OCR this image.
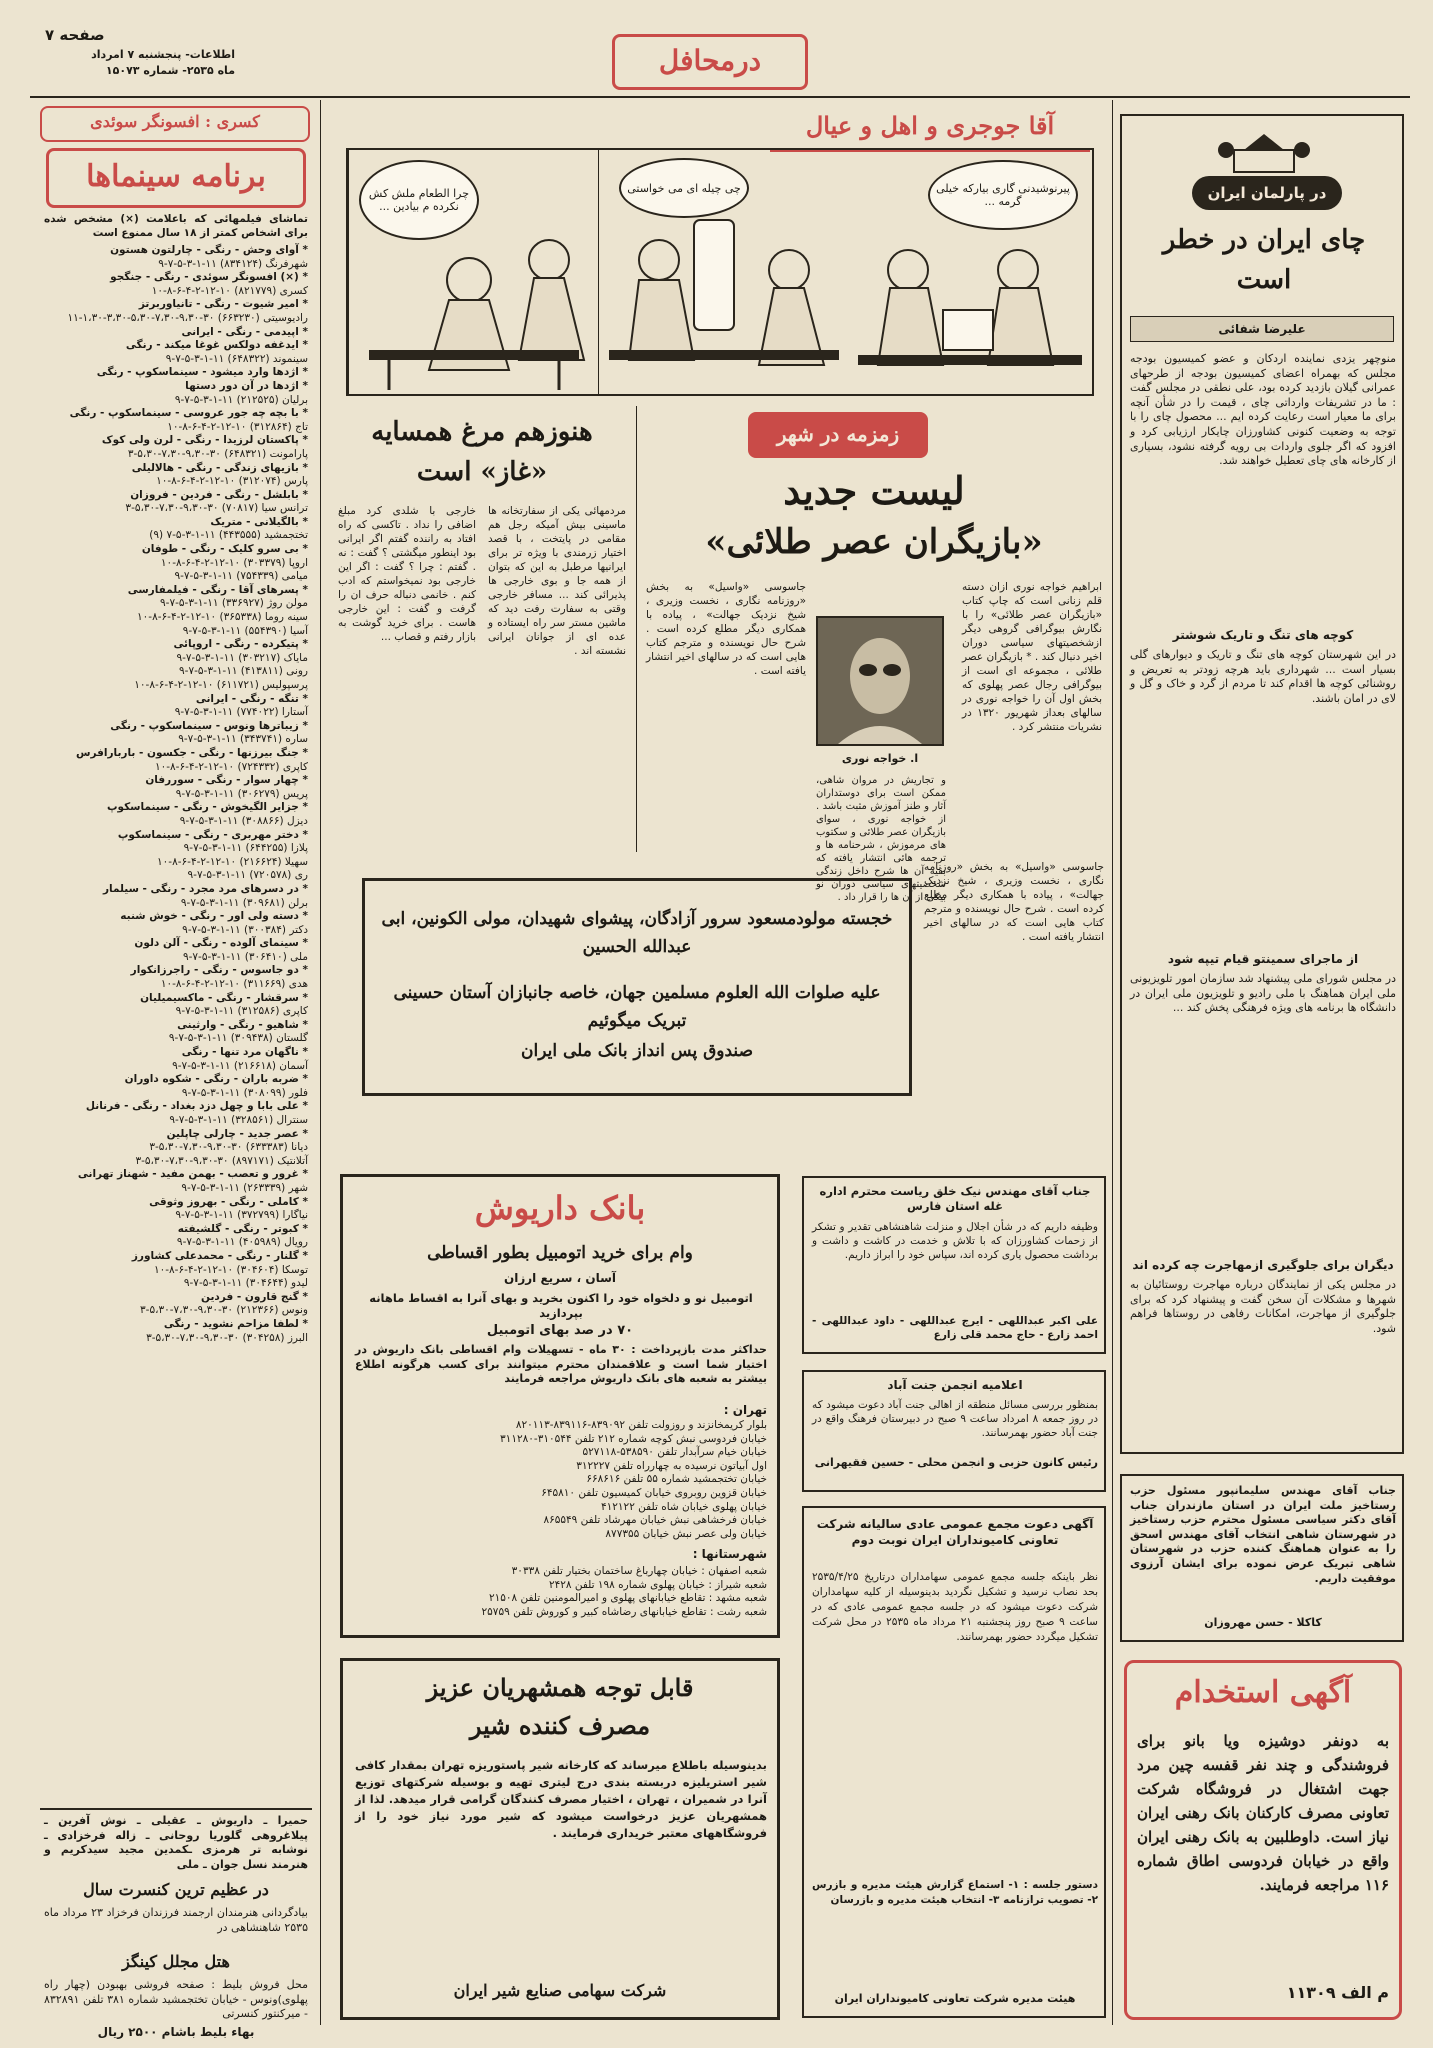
صفحه ۷
اطلاعات- پنجشنبه ۷ امرداد
ماه ۲۵۳۵- شماره ۱۵۰۷۳	درمحافل
کسری : افسونگر سوئدی
برنامه سینماها
تماشای فیلمهائی که باعلامت (×) مشخص شده برای اشخاص کمتر از ۱۸ سال ممنوع است
* آوای وحش - رنگی - چارلتون هستون
شهرفرنگ (۸۳۴۱۲۴) ۱۱-۱-۳-۵-۷-۹
* (×) افسونگر سوئدی - رنگی - جنگجو
کسری (۸۲۱۷۷۹) ۱۰-۱۲-۲-۴-۶-۸-۱۰
* امیر شیوت - رنگی - تانیاوربرتز
رادیوسیتی (۶۶۳۲۳۰) ۳۰-۹،۳۰-۷،۳۰-۵،۳۰-۳،۳۰-۱،۳۰-۱۱
* اپیدمی - رنگی - ایرانی
* ایدغفه دولکس غوغا میکند - رنگی
سینموند (۶۴۸۳۲۲) ۱۱-۱-۳-۵-۷-۹
* اژدها وارد میشود - سینماسکوپ - رنگی
* اژدها در آن دور دستها
برلیان (۲۱۲۵۲۵) ۱۱-۱-۳-۵-۷-۹
* با بچه چه جور عروسی - سینماسکوپ - رنگی
تاج (۳۱۲۸۶۴) ۱۰-۱۲-۲-۴-۶-۸-۱۰
* پاکستان لرزیدا - رنگی - لرن ولی کوک
پارامونت (۶۴۸۳۲۱) ۳۰-۹،۳۰-۷،۳۰-۵،۳۰-۳
* بازیهای زندگی - رنگی - هالالیلی
پارس (۳۱۲۰۷۴) ۱۰-۱۲-۲-۴-۶-۸-۱۰
* بابلشل - رنگی - فردین - فروزان
ترانس سیا (۷۰۸۱۷) ۳۰-۹،۳۰-۷،۳۰-۵،۳۰-۳
* بالگیلانی - متریک
تختجمشید (۴۴۳۵۵۵) ۱۱-۱-۳-۵-۷ (۹)
* بی سرو کلیک - رنگی - طوفان
اروپا (۳۰۳۳۷۹) ۱۰-۱۲-۲-۴-۶-۸-۱۰
میامی (۷۵۴۳۳۹) ۱۱-۱-۳-۵-۷-۹
* پسرهای آقا - رنگی - فیلمفارسی
مولن روژ (۳۳۶۹۲۷) ۱۱-۱-۳-۵-۷-۹
سینه روما (۳۶۵۳۳۸) ۱۰-۱۲-۲-۴-۶-۸-۱۰
آسیا (۵۵۴۳۹۰) ۱۱-۱-۳-۵-۷-۹
* پتیکرده - رنگی - اروپائی
مایاک (۳۰۳۲۱۷) ۱۱-۱-۳-۵-۷-۹
رونی (۴۱۳۸۱۱) ۱۱-۱-۳-۵-۷-۹
پرسپولیس (۶۱۱۷۲۱) ۱۰-۱۲-۲-۴-۶-۸-۱۰
* تنگه - رنگی - ایرانی
آستارا (۷۷۴۰۲۲) ۱۱-۱-۳-۵-۷-۹
* زیباترها ونوس - سینماسکوپ - رنگی
ساره (۳۴۳۷۴۱) ۱۱-۱-۳-۵-۷-۹
* جنگ بیرزنها - رنگی - جکسون - باربارافرس
کاپری (۷۲۴۳۳۲) ۱۰-۱۲-۲-۴-۶-۸-۱۰
* چهار سوار - رنگی - سوررفان
پریس (۳۰۶۲۷۹) ۱۱-۱-۳-۵-۷-۹
* جزایر الگیخوش - رنگی - سینماسکوپ
دیزل (۳۰۸۸۶۶) ۱۱-۱-۳-۵-۷-۹
* دختر مهربری - رنگی - سینماسکوپ
پلازا (۶۴۴۲۵۵) ۱۱-۱-۳-۵-۷-۹
سهیلا (۲۱۶۶۲۴) ۱۰-۱۲-۲-۴-۶-۸-۱۰
ری (۷۲۰۵۷۸) ۱۱-۱-۳-۵-۷-۹
* در دسرهای مرد مجرد - رنگی - سیلمار
برلن (۳۰۹۶۸۱) ۱۱-۱-۳-۵-۷-۹
* دسته ولی اور - رنگی - خوش شنبه
دکتر (۳۰۰۳۸۴) ۱۱-۱-۳-۵-۷-۹
* سینمای آلوده - رنگی - آلن دلون
ملی (۳۰۶۴۱۰) ۱۱-۱-۳-۵-۷-۹
* دو جاسوس - رنگی - راجرزانکوار
هدی (۳۱۱۶۶۹) ۱۰-۱۲-۲-۴-۶-۸-۱۰
* سرقشار - رنگی - ماکسیمیلیان
کاپری (۳۱۲۵۸۶) ۱۱-۱-۳-۵-۷-۹
* شاهیو - رنگی - وارثینی
گلستان (۳۰۹۴۳۸) ۱۱-۱-۳-۵-۷-۹
* ناگهان مرد تنها - رنگی
آسمان (۲۱۶۶۱۸) ۱۱-۱-۳-۵-۷-۹
* ضربه باران - رنگی - شکوه داوران
فلور (۳۰۸۰۹۹) ۱۱-۱-۳-۵-۷-۹
* علی بابا و چهل دزد بغداد - رنگی - فرنانل
سنترال (۳۲۸۵۶۱) ۱۱-۱-۳-۵-۷-۹
* عصر جدید - چارلی چاپلین
دیانا (۶۳۳۳۸۳) ۳۰-۹،۳۰-۷،۳۰-۵،۳۰-۳
آتلانتیک (۸۹۷۱۷۱) ۳۰-۹،۳۰-۷،۳۰-۵،۳۰-۳
* غرور و تعصب - بهمن مفید - شهناز تهرانی
شهر (۲۶۳۳۳۹) ۱۱-۱-۳-۵-۷-۹
* کاملی - رنگی - بهروز وثوقی
نیاگارا (۳۷۲۷۹۹) ۱۱-۱-۳-۵-۷-۹
* کبوتر - رنگی - گلشیفته
رویال (۴۰۵۹۸۹) ۱۱-۱-۳-۵-۷-۹
* گلنار - رنگی - محمدعلی کشاورز
توسکا (۳۰۴۶۰۴) ۱۰-۱۲-۲-۴-۶-۸-۱۰
لیدو (۳۰۴۶۴۴) ۱۱-۱-۳-۵-۷-۹
* گنج قارون - فردین
ونوس (۲۱۲۳۶۶) ۳۰-۹،۳۰-۷،۳۰-۵،۳۰-۳
* لطفا مزاحم نشوید - رنگی
البرز (۳۰۴۲۵۸) ۳۰-۹،۳۰-۷،۳۰-۵،۳۰-۳
حمیرا ـ داریوش ـ عقیلی ـ نوش آفرین ـ پیلاغروهی گلوریا روحانی ـ زاله فرخزادی ـ نوشابه تر هرمزی ـکمدین مجید سیدکریم و هنرمند نسل جوان ـ ملی
در عظیم ترین کنسرت سال
بیادگردانی هنرمندان ارجمند فرزندان فرخزاد ۲۳ مرداد ماه ۲۵۳۵ شاهنشاهی در
هتل مجلل کینگز
محل فروش بلیط : صفحه فروشی بهبودن (چهار راه پهلوی)ونوس - خیابان تختجمشید شماره ۳۸۱ تلفن ۸۳۲۸۹۱ - میرکنتور کنسرتی
بهاء بلیط باشام ۲۵۰۰ ریال
آقا جوجری و اهل و عیال
چرا الطعام ملش کش نکرده م بیادین ...
چی چیله ای می خواستی	پیرنوشیدنی گاری بیارکه خیلی گرمه ...
هنوزهم مرغ همسایه «غاز» است
مردمهائی یکی از سفارتخانه ها ماسینی بیش آمیکه رجل هم مقامی در پایتخت ، با قصد اختیار زرمندی با ویژه تر برای ایرانیها مرطبل به این که بتوان از همه جا و بوی خارجی ها پذیرائی کند ... مسافر خارجی وقتی به سفارت رفت دید که ماشین مستر سر راه ایستاده و عده ای از جوانان ایرانی نشسته اند .
خارجی با شلدی کرد مبلغ اضافی را نداد . تاکسی که راه افتاد به راننده گفتم اگر ایرانی بود اینطور میگشتی ؟ گفت : نه . گفتم : چرا ؟ گفت : اگر این خارجی بود نمیخواستم که ادب کنم . خانمی دنباله حرف ان را گرفت و گفت : این خارجی هاست . برای خرید گوشت به بازار رفتم و قصاب ...
زمزمه در شهر
لیست جدید
«بازیگران عصر طلائی»
ابراهیم خواجه نوری ازان دسته قلم زنانی است که چاپ کتاب «بازیگران عصر طلائی» را با نگارش بیوگرافی گروهی دیگر ازشخصیتهای سیاسی دوران اخیر دنبال کند . * بازیگران عصر طلائی ، مجموعه ای است از بیوگرافی رجال عصر پهلوی که بخش اول آن را خواجه نوری در سالهای بعداز شهریور ۱۳۲۰ در نشریات منتشر کرد .
ا. خواجه نوری
و تجاریش در مروان شاهی، ممکن است برای دوستداران آثار و طنز آموزش مثبت باشد . از خواجه نوری ، سوای بازیگران عصر طلائی و سکتوب های مرموزش ، شرحنامه ها و ترجمه هائی انتشار یافته که بقیه آن ها شرح داخل زندگی شخصیتهای سیاسی دوران نو بیکی از آن ها را قرار داد .
جاسوسی «واسیل» به بخش «روزنامه نگاری ، نخست وزیری ، شیخ نزدیک جهالت» ، پیاده با همکاری دیگر مطلع کرده است . شرح حال نویسنده و مترجم کتاب هایی است که در سالهای اخیر انتشار یافته است .
خجسته مولودمسعود سرور آزادگان، پیشوای شهیدان، مولی الکونین، ابی عبدالله الحسین
علیه صلوات الله العلوم مسلمین جهان، خاصه جانبازان آستان حسینی تبریک میگوئیم
صندوق پس انداز بانک ملی ایران
جاسوسی «واسیل» به بخش «روزنامه نگاری ، نخست وزیری ، شیخ نزدیک جهالت» ، پیاده با همکاری دیگر مطلع کرده است . شرح حال نویسنده و مترجم کتاب هایی است که در سالهای اخیر انتشار یافته است .
در پارلمان ایران
چای ایران در خطر است
علیرضا شفائی
منوچهر یزدی نماینده اردکان و عضو کمیسیون بودجه مجلس که بهمراه اعضای کمیسیون بودجه از طرحهای عمرانی گیلان بازدید کرده بود، علی نطقی در مجلس گفت : ما در تشریفات وارداتی چای ، قیمت را در شأن آنچه برای ما معیار است رعایت کرده ایم ... محصول چای را با توجه به وضعیت کنونی کشاورزان چایکار ارزیابی کرد و افزود که اگر جلوی واردات بی رویه گرفته نشود، بسیاری از کارخانه های چای تعطیل خواهند شد.
کوچه های تنگ و تاریک شوشتر
در این شهرستان کوچه های تنگ و تاریک و دیوارهای گلی بسیار است ... شهرداری باید هرچه زودتر به تعریض و روشنائی کوچه ها اقدام کند تا مردم از گرد و خاک و گل و لای در امان باشند.
از ماجرای سمینتو قیام تیپه شود
در مجلس شورای ملی پیشنهاد شد سازمان امور تلویزیونی ملی ایران هماهنگ با ملی رادیو و تلویزیون ملی ایران در دانشگاه ها برنامه های ویژه فرهنگی پخش کند ...
دیگران برای جلوگیری ازمهاجرت چه کرده اند
در مجلس یکی از نمایندگان درباره مهاجرت روستائیان به شهرها و مشکلات آن سخن گفت و پیشنهاد کرد که برای جلوگیری از مهاجرت، امکانات رفاهی در روستاها فراهم شود.
جناب آقای مهندس سلیمانپور مسئول حزب رستاخیز ملت ایران در استان مازندران جناب آقای دکتر سیاسی مسئول محترم حزب رستاخیز در شهرستان شاهی انتخاب آقای مهندس اسحق را به عنوان هماهنگ کننده حزب در شهرستان شاهی تبریک عرض نموده برای ایشان آرزوی موفقیت داریم.
کاکلا - حسن مهروزان
آگهی استخدام
به دونفر دوشیزه ویا بانو برای فروشندگی و چند نفر قفسه چین مرد جهت اشتغال در فروشگاه شرکت تعاونی مصرف کارکنان بانک رهنی ایران نیاز است. داوطلبین به بانک رهنی ایران واقع در خیابان فردوسی اطاق شماره ۱۱۶ مراجعه فرمایند.
م الف ۱۱۳۰۹
بانک داریوش
وام برای خرید اتومبیل بطور اقساطی
آسان ، سریع ارزان
اتومبیل نو و دلخواه خود را اکنون بخرید و بهای آنرا به اقساط ماهانه بپردازید
۷۰ در صد بهای اتومبیل
حداکثر مدت بازپرداخت : ۳۰ ماه - تسهیلات وام اقساطی بانک داریوش در اختیار شما است و علاقمندان محترم میتوانند برای کسب هرگونه اطلاع بیشتر به شعبه های بانک داریوش مراجعه فرمایند
تهران :
بلوار کریمخانزند و روزولت تلفن ۸۳۹۰۹۲-۸۳۹۱۱۶-۸۲۰۱۱۳
خیابان فردوسی نبش کوچه شماره ۲۱۲ تلفن ۳۱۰۵۴۴-۳۱۱۲۸۰
خیابان خیام سرآبدار تلفن ۵۳۸۵۹۰-۵۲۷۱۱۸
اول آبیاتون نرسیده به چهارراه تلفن ۳۱۲۲۲۷
خیابان تختجمشید شماره ۵۵ تلفن ۶۶۸۶۱۶
خیابان قزوین روبروی خیابان کمیسیون تلفن ۶۴۵۸۱۰
خیابان پهلوی خیابان شاه تلفن ۴۱۲۱۲۲
خیابان فرخشاهی نبش خیابان مهرشاد تلفن ۸۶۵۵۴۹
خیابان ولی عصر نبش خیابان ۸۷۷۳۵۵
شهرستانها :
شعبه اصفهان : خیابان چهارباغ ساختمان بختیار تلفن ۳۰۳۳۸
شعبه شیراز : خیابان پهلوی شماره ۱۹۸ تلفن ۲۴۲۸
شعبه مشهد : تقاطع خیابانهای پهلوی و امیرالمومنین تلفن ۲۱۵۰۸
شعبه رشت : تقاطع خیابانهای رضاشاه کبیر و کوروش تلفن ۲۵۷۵۹
جناب آقای مهندس نیک خلق ریاست محترم اداره غله استان فارس
وظیفه داریم که در شأن اجلال و منزلت شاهنشاهی تقدیر و تشکر از زحمات کشاورزان که با تلاش و خدمت در کاشت و داشت و برداشت محصول یاری کرده اند، سپاس خود را ابراز داریم.
علی اکبر عبداللهی - ایرج عبداللهی - داود عبداللهی - احمد زارع - حاج محمد قلی زارع
اعلامیه انجمن جنت آباد
بمنظور بررسی مسائل منطقه از اهالی جنت آباد دعوت میشود که در روز جمعه ۸ امرداد ساعت ۹ صبح در دبیرستان فرهنگ واقع در جنت آباد حضور بهمرسانند.
رئیس کانون حزبی و انجمن محلی - حسین فقیهرانی
آگهی دعوت مجمع عمومی عادی سالیانه شرکت تعاونی کامیونداران ایران نوبت دوم
نظر باینکه جلسه مجمع عمومی سهامداران درتاریخ ۲۵۳۵/۴/۲۵ بحد نصاب نرسید و تشکیل نگردید بدینوسیله از کلیه سهامداران شرکت دعوت میشود که در جلسه مجمع عمومی عادی که در ساعت ۹ صبح روز پنجشنبه ۲۱ مرداد ماه ۲۵۳۵ در محل شرکت تشکیل میگردد حضور بهمرسانند.
دستور جلسه : ۱- استماع گزارش هیئت مدیره و بازرس ۲- تصویب ترازنامه ۳- انتخاب هیئت مدیره و بازرسان
هیئت مدیره شرکت تعاونی کامیونداران ایران
قابل توجه همشهریان عزیز
مصرف کننده شیر
بدینوسیله باطلاع میرساند که کارخانه شیر پاستوریزه تهران بمقدار کافی شیر استریلیزه دربسته بندی درج لیتری تهیه و بوسیله شرکتهای توزیع آنرا در شمیران ، تهران ، اختیار مصرف کنندگان گرامی قرار میدهد. لذا از همشهریان عزیز درخواست میشود که شیر مورد نیاز خود را از فروشگاههای معتبر خریداری فرمایند .
شرکت سهامی صنایع شیر ایران
